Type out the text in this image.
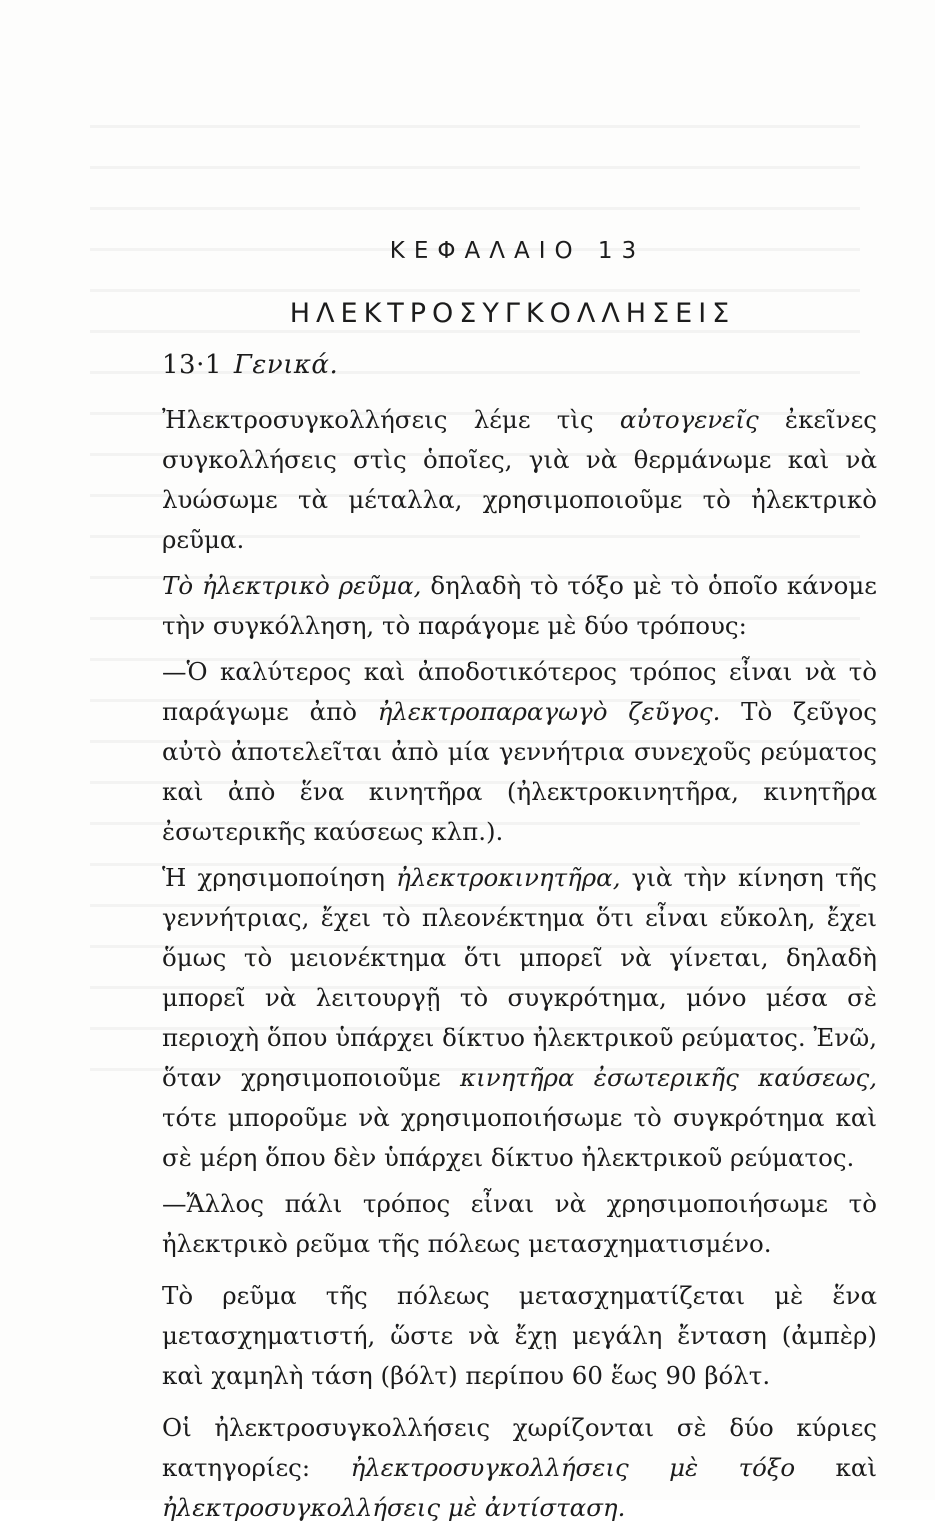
ΚΕΦΑΛΑΙΟ 13
ΗΛΕΚΤΡΟΣΥΓΚΟΛΛΗΣΕΙΣ
13·1 Γενικά.

Ἠλεκτροσυγκολλήσεις λέμε τὶς αὐτογενεῖς ἐκεῖνες συγκολλήσεις στὶς ὁποῖες, γιὰ νὰ θερμάνωμε καὶ νὰ λυώσωμε τὰ μέταλλα, χρησιμοποιοῦμε τὸ ἠλεκτρικὸ ρεῦμα.

Τὸ ἠλεκτρικὸ ρεῦμα, δηλαδὴ τὸ τόξο μὲ τὸ ὁποῖο κάνομε τὴν συγκόλληση, τὸ παράγομε μὲ δύο τρόπους:

—Ὁ καλύτερος καὶ ἀποδοτικότερος τρόπος εἶναι νὰ τὸ παράγωμε ἀπὸ ἠλεκτροπαραγωγὸ ζεῦγος. Τὸ ζεῦγος αὐτὸ ἀποτελεῖται ἀπὸ μία γεννήτρια συνεχοῦς ρεύματος καὶ ἀπὸ ἕνα κινητῆρα (ἠλεκτροκινητῆρα, κινητῆρα ἐσωτερικῆς καύσεως κλπ.).

Ἡ χρησιμοποίηση ἠλεκτροκινητῆρα, γιὰ τὴν κίνηση τῆς γεννήτριας, ἔχει τὸ πλεονέκτημα ὅτι εἶναι εὔκολη, ἔχει ὅμως τὸ μειονέκτημα ὅτι μπορεῖ νὰ γίνεται, δηλαδὴ μπορεῖ νὰ λειτουργῇ τὸ συγκρότημα, μόνο μέσα σὲ περιοχὴ ὅπου ὑπάρχει δίκτυο ἠλεκτρικοῦ ρεύματος. Ἐνῶ, ὅταν χρησιμοποιοῦμε κινητῆρα ἐσωτερικῆς καύσεως, τότε μποροῦμε νὰ χρησιμοποιήσωμε τὸ συγκρότημα καὶ σὲ μέρη ὅπου δὲν ὑπάρχει δίκτυο ἠλεκτρικοῦ ρεύματος.

—Ἄλλος πάλι τρόπος εἶναι νὰ χρησιμοποιήσωμε τὸ ἠλεκτρικὸ ρεῦμα τῆς πόλεως μετασχηματισμένο.

Τὸ ρεῦμα τῆς πόλεως μετασχηματίζεται μὲ ἕνα μετασχηματιστή, ὥστε νὰ ἔχῃ μεγάλη ἔνταση (ἀμπὲρ) καὶ χαμηλὴ τάση (βόλτ) περίπου 60 ἕως 90 βόλτ.

Οἱ ἠλεκτροσυγκολλήσεις χωρίζονται σὲ δύο κύριες κατηγορίες: ἠλεκτροσυγκολλήσεις μὲ τόξο καὶ ἠλεκτροσυγκολλήσεις μὲ ἀντίσταση.
